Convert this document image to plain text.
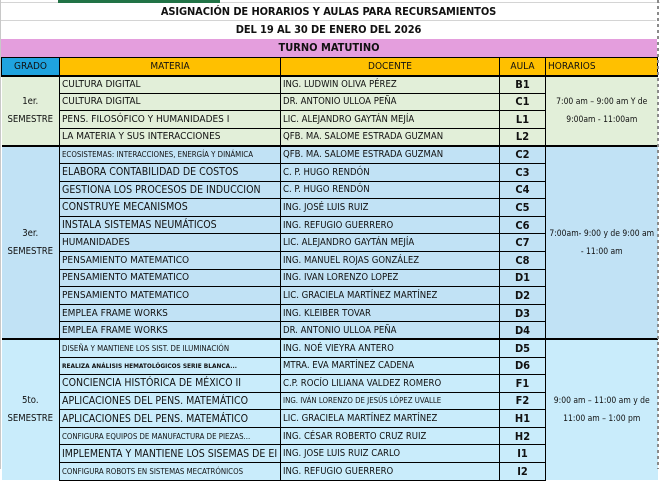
ASIGNACIÓN DE HORARIOS Y AULAS PARA RECURSAMIENTOS
DEL 19 AL 30 DE ENERO DEL 2026
TURNO MATUTINO
GRADO	MATERIA	DOCENTE	AULA	HORARIOS

1er.
SEMESTRE	CULTURA DIGITAL	ING. LUDWIN OLIVA PÉREZ	B1	7:00 am – 9:00 am Y de 9:00am - 11:00am
	CULTURA DIGITAL	DR. ANTONIO ULLOA PEÑA	C1	
	PENS. FILOSÓFICO Y HUMANIDADES I	LIC. ALEJANDRO GAYTÁN MEJÍA	L1	
	LA MATERIA Y SUS INTERACCIONES	QFB. MA. SALOME ESTRADA GUZMAN	L2	

3er.
SEMESTRE	ECOSISTEMAS: INTERACCIONES, ENERGÍA Y DINÁMICA	QFB. MA. SALOME ESTRADA GUZMAN	C2	7:00am- 9:00 y de 9:00 am - 11:00 am
	ELABORA CONTABILIDAD DE COSTOS	C. P. HUGO RENDÓN	C3	
	GESTIONA LOS PROCESOS DE INDUCCION	C. P. HUGO RENDÓN	C4	
	CONSTRUYE MECANISMOS	ING. JOSÉ LUIS RUIZ	C5	
	INSTALA SISTEMAS NEUMÁTICOS	ING. REFUGIO GUERRERO	C6	
	HUMANIDADES	LIC. ALEJANDRO GAYTÁN MEJÍA	C7	
	PENSAMIENTO MATEMATICO	ING. MANUEL ROJAS GONZÁLEZ	C8	
	PENSAMIENTO MATEMATICO	ING. IVAN LORENZO LOPEZ	D1	
	PENSAMIENTO MATEMATICO	LIC. GRACIELA MARTÍNEZ MARTÍNEZ	D2	
	EMPLEA FRAME WORKS	ING. KLEIBER TOVAR	D3	
	EMPLEA FRAME WORKS	DR. ANTONIO ULLOA PEÑA	D4	

5to.
SEMESTRE	DISEÑA Y MANTIENE LOS SIST. DE ILUMINACIÓN	ING. NOÉ VIEYRA ANTERO	D5	9:00 am – 11:00 am y de 11:00 am – 1:00 pm
	REALIZA ANÁLISIS HEMATOLÓGICOS SERIE BLANCA...	MTRA. EVA MARTÍNEZ CADENA	D6	
	CONCIENCIA HISTÓRICA DE MÉXICO II	C.P. ROCÍO LILIANA VALDEZ ROMERO	F1	
	APLICACIONES DEL PENS. MATEMÁTICO	ING. IVÁN LORENZO DE JESÚS LÓPEZ UVALLE	F2	
	APLICACIONES DEL PENS. MATEMÁTICO	LIC. GRACIELA MARTÍNEZ MARTÍNEZ	H1	
	CONFIGURA EQUIPOS DE MANUFACTURA DE PIEZAS...	ING. CÉSAR ROBERTO CRUZ RUIZ	H2	
	IMPLEMENTA Y MANTIENE LOS SISEMAS DE EI	ING. JOSE LUIS RUIZ CARLO	I1	
	CONFIGURA ROBOTS EN SISTEMAS MECATRÓNICOS	ING. REFUGIO GUERRERO	I2	
